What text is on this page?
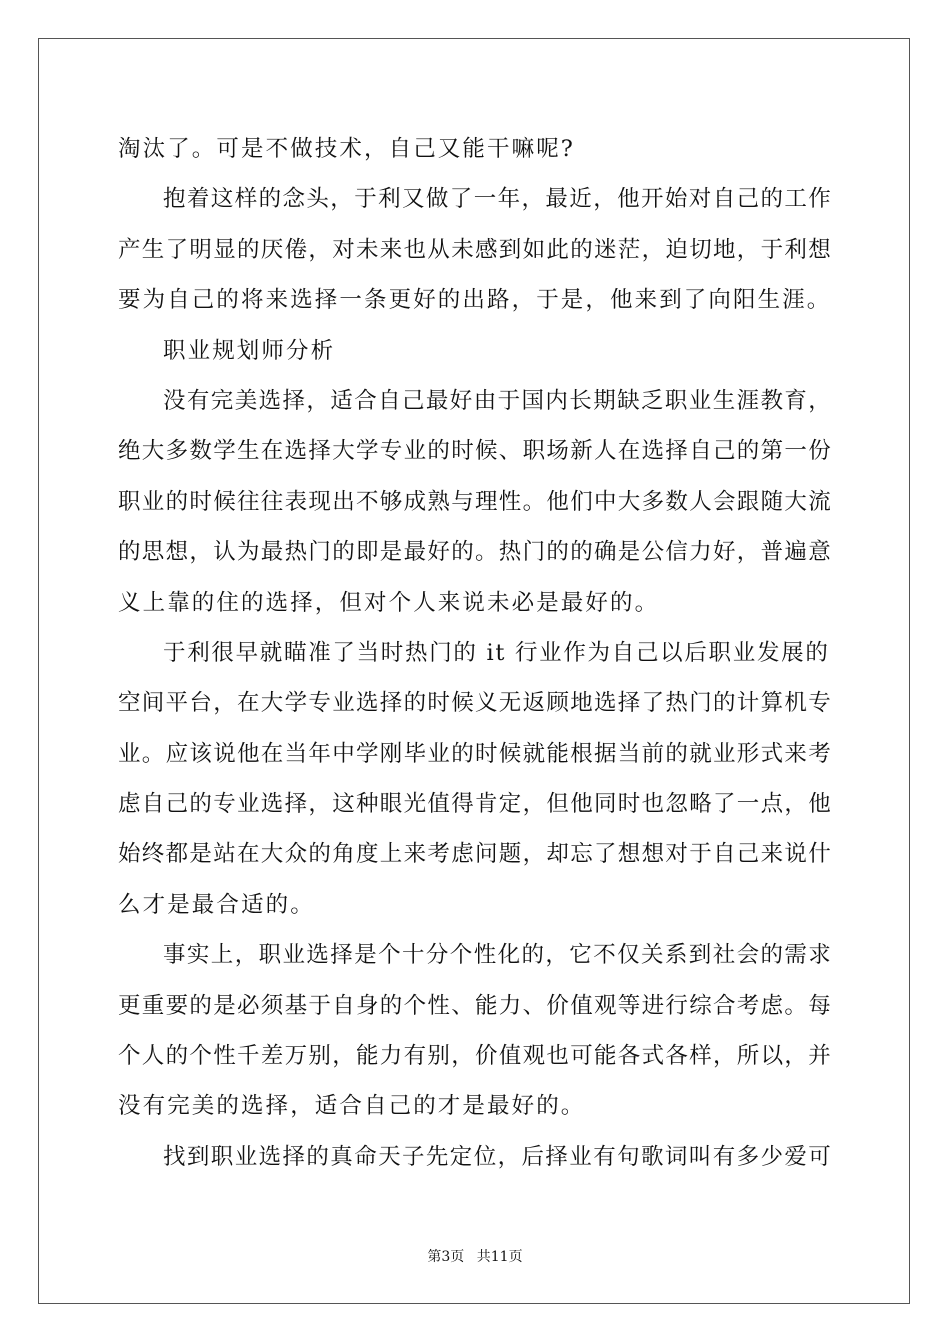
淘汰了。可是不做技术，自己又能干嘛呢?
抱着这样的念头，于利又做了一年，最近，他开始对自己的工作
产生了明显的厌倦，对未来也从未感到如此的迷茫，迫切地，于利想
要为自己的将来选择一条更好的出路，于是，他来到了向阳生涯。
职业规划师分析
没有完美选择，适合自己最好由于国内长期缺乏职业生涯教育，
绝大多数学生在选择大学专业的时候、职场新人在选择自己的第一份
职业的时候往往表现出不够成熟与理性。他们中大多数人会跟随大流
的思想，认为最热门的即是最好的。热门的的确是公信力好，普遍意
义上靠的住的选择，但对个人来说未必是最好的。
于利很早就瞄准了当时热门的 it 行业作为自己以后职业发展的
空间平台，在大学专业选择的时候义无返顾地选择了热门的计算机专
业。应该说他在当年中学刚毕业的时候就能根据当前的就业形式来考
虑自己的专业选择，这种眼光值得肯定，但他同时也忽略了一点，他
始终都是站在大众的角度上来考虑问题，却忘了想想对于自己来说什
么才是最合适的。
事实上，职业选择是个十分个性化的，它不仅关系到社会的需求
更重要的是必须基于自身的个性、能力、价值观等进行综合考虑。每
个人的个性千差万别，能力有别，价值观也可能各式各样，所以，并
没有完美的选择，适合自己的才是最好的。
找到职业选择的真命天子先定位，后择业有句歌词叫有多少爱可
第3页 共11页
